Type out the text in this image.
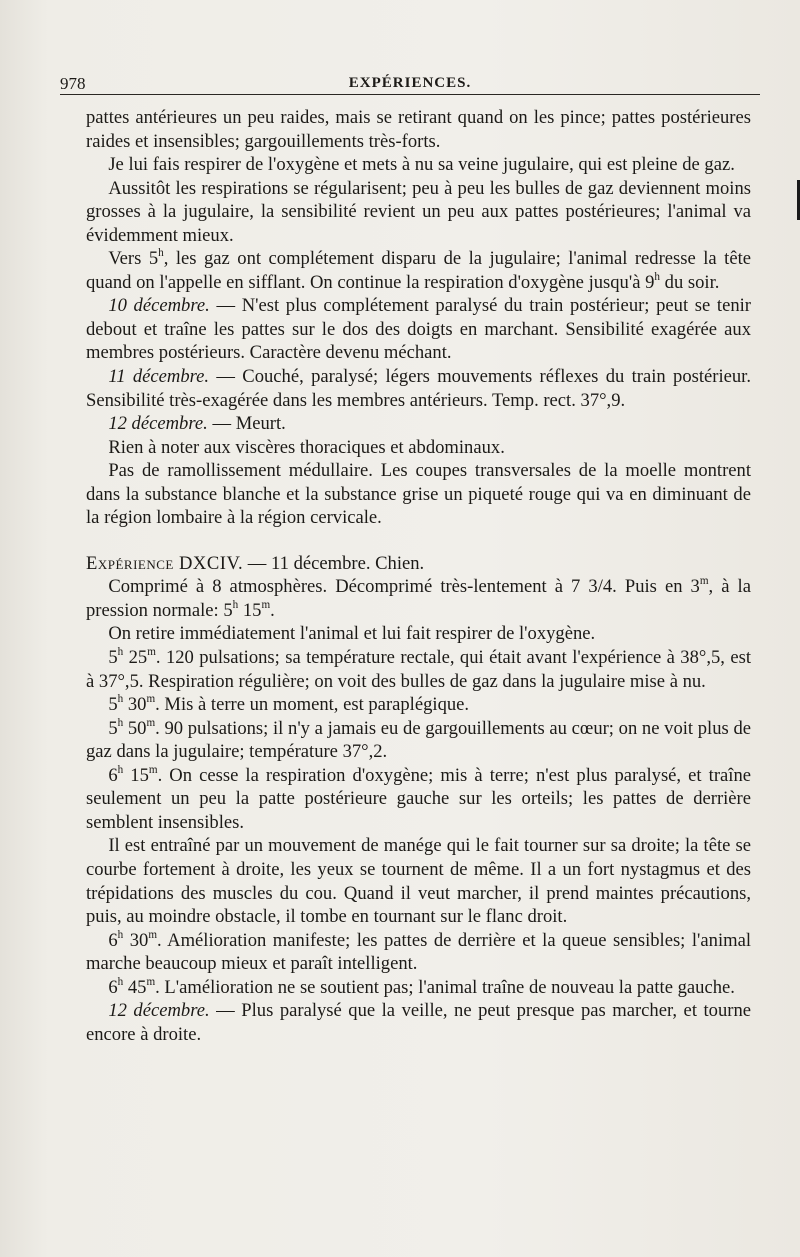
978	EXPÉRIENCES.

pattes antérieures un peu raides, mais se retirant quand on les pince; pattes postérieures raides et insensibles; gargouillements très-forts.

Je lui fais respirer de l'oxygène et mets à nu sa veine jugulaire, qui est pleine de gaz.

Aussitôt les respirations se régularisent; peu à peu les bulles de gaz deviennent moins grosses à la jugulaire, la sensibilité revient un peu aux pattes postérieures; l'animal va évidemment mieux.

Vers 5$^h$, les gaz ont complétement disparu de la jugulaire; l'animal redresse la tête quand on l'appelle en sifflant. On continue la respiration d'oxygène jusqu'à 9$^h$ du soir.

10 décembre. — N'est plus complétement paralysé du train postérieur; peut se tenir debout et traîne les pattes sur le dos des doigts en marchant. Sensibilité exagérée aux membres postérieurs. Caractère devenu méchant.

11 décembre. — Couché, paralysé; légers mouvements réflexes du train postérieur. Sensibilité très-exagérée dans les membres antérieurs. Temp. rect. 37°,9.

12 décembre. — Meurt.

Rien à noter aux viscères thoraciques et abdominaux.

Pas de ramollissement médullaire. Les coupes transversales de la moelle montrent dans la substance blanche et la substance grise un piqueté rouge qui va en diminuant de la région lombaire à la région cervicale.

Expérience DXCIV. — 11 décembre. Chien.

Comprimé à 8 atmosphères. Décomprimé très-lentement à 7 3/4. Puis en 3$^m$, à la pression normale: 5$^h$ 15$^m$.

On retire immédiatement l'animal et lui fait respirer de l'oxygène.

5$^h$ 25$^m$. 120 pulsations; sa température rectale, qui était avant l'expérience à 38°,5, est à 37°,5. Respiration régulière; on voit des bulles de gaz dans la jugulaire mise à nu.

5$^h$ 30$^m$. Mis à terre un moment, est paraplégique.

5$^h$ 50$^m$. 90 pulsations; il n'y a jamais eu de gargouillements au cœur; on ne voit plus de gaz dans la jugulaire; température 37°,2.

6$^h$ 15$^m$. On cesse la respiration d'oxygène; mis à terre; n'est plus paralysé, et traîne seulement un peu la patte postérieure gauche sur les orteils; les pattes de derrière semblent insensibles.

Il est entraîné par un mouvement de manége qui le fait tourner sur sa droite; la tête se courbe fortement à droite, les yeux se tournent de même. Il a un fort nystagmus et des trépidations des muscles du cou. Quand il veut marcher, il prend maintes précautions, puis, au moindre obstacle, il tombe en tournant sur le flanc droit.

6$^h$ 30$^m$. Amélioration manifeste; les pattes de derrière et la queue sensibles; l'animal marche beaucoup mieux et paraît intelligent.

6$^h$ 45$^m$. L'amélioration ne se soutient pas; l'animal traîne de nouveau la patte gauche.

12 décembre. — Plus paralysé que la veille, ne peut presque pas marcher, et tourne encore à droite.
